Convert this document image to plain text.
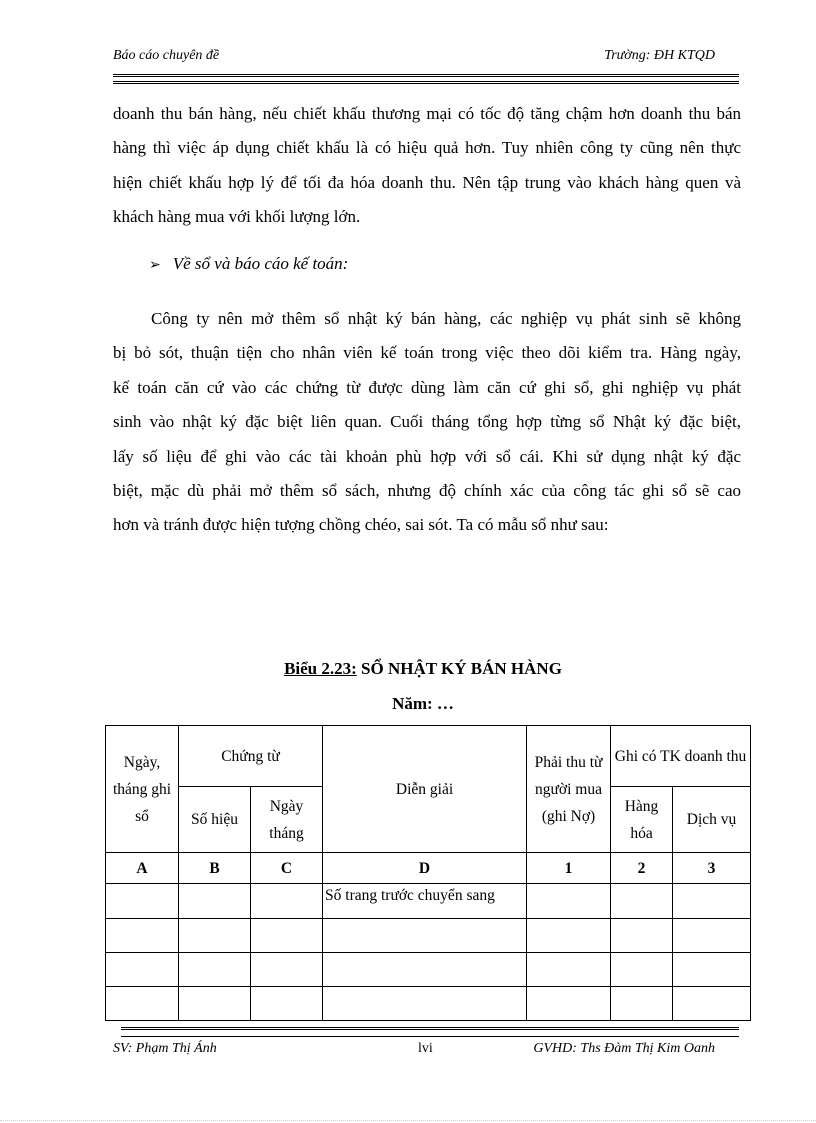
Báo cáo chuyên đề	Trường: ĐH KTQD
doanh thu bán hàng, nếu chiết khấu thương mại có tốc độ tăng chậm hơn doanh thu bán
hàng thì việc áp dụng chiết khấu là có hiệu quả hơn. Tuy nhiên công ty cũng nên thực
hiện chiết khấu hợp lý để tối đa hóa doanh thu. Nên tập trung vào khách hàng quen và
khách hàng mua với khối lượng lớn.
➢ Về sổ và báo cáo kế toán:
Công ty nên mở thêm sổ nhật ký bán hàng, các nghiệp vụ phát sinh sẽ không
bị bỏ sót, thuận tiện cho nhân viên kế toán trong việc theo dõi kiểm tra. Hàng ngày,
kế toán căn cứ vào các chứng từ được dùng làm căn cứ ghi sổ, ghi nghiệp vụ phát
sinh vào nhật ký đặc biệt liên quan. Cuối tháng tổng hợp từng sổ Nhật ký đặc biệt,
lấy số liệu để ghi vào các tài khoản phù hợp với sổ cái. Khi sử dụng nhật ký đặc
biệt, mặc dù phải mở thêm sổ sách, nhưng độ chính xác của công tác ghi sổ sẽ cao
hơn và tránh được hiện tượng chồng chéo, sai sót. Ta có mẫu sổ như sau:
Biểu 2.23: SỔ NHẬT KÝ BÁN HÀNG
Năm: …
Ngày, tháng ghi sổ	Chứng từ		Diễn giải	Phải thu từ người mua (ghi Nợ)	Ghi có TK doanh thu	
	Số hiệu	Ngày tháng			Hàng hóa	Dịch vụ
A	B	C	D	1	2	3
			Số trang trước chuyển sang			

SV: Phạm Thị Ánh	lvi	GVHD: Ths Đàm Thị Kim Oanh
